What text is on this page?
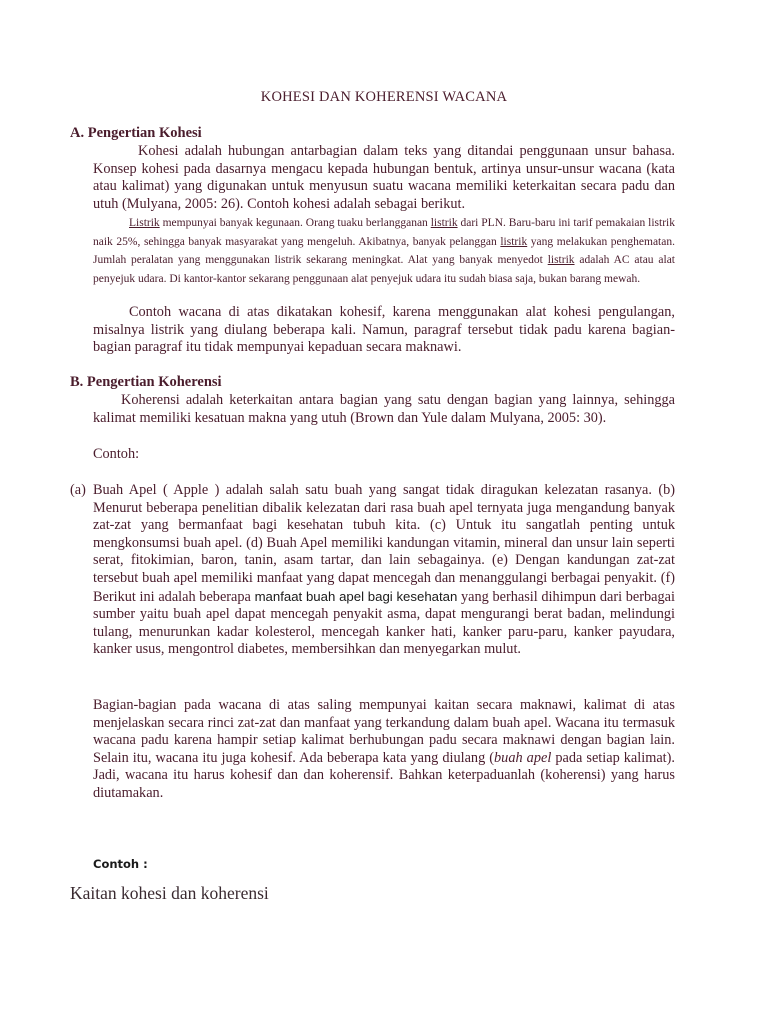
KOHESI DAN KOHERENSI WACANA
A. Pengertian Kohesi
Kohesi adalah hubungan antarbagian dalam teks yang ditandai penggunaan unsur bahasa. Konsep kohesi pada dasarnya mengacu kepada hubungan bentuk, artinya unsur-unsur wacana (kata atau kalimat) yang digunakan untuk menyusun suatu wacana memiliki keterkaitan secara padu dan utuh (Mulyana, 2005: 26). Contoh kohesi adalah sebagai berikut.
Listrik mempunyai banyak kegunaan. Orang tuaku berlangganan listrik dari PLN. Baru-baru ini tarif pemakaian listrik naik 25%, sehingga banyak masyarakat yang mengeluh. Akibatnya, banyak pelanggan listrik yang melakukan penghematan. Jumlah peralatan yang menggunakan listrik sekarang meningkat. Alat yang banyak menyedot listrik adalah AC atau alat penyejuk udara. Di kantor-kantor sekarang penggunaan alat penyejuk udara itu sudah biasa saja, bukan barang mewah.
Contoh wacana di atas dikatakan kohesif, karena menggunakan alat kohesi pengulangan, misalnya listrik yang diulang beberapa kali. Namun, paragraf tersebut tidak padu karena bagian-bagian paragraf itu tidak mempunyai kepaduan secara maknawi.
B. Pengertian Koherensi
Koherensi adalah keterkaitan antara bagian yang satu dengan bagian yang lainnya, sehingga kalimat memiliki kesatuan makna yang utuh (Brown dan Yule dalam Mulyana, 2005: 30).
Contoh:
(a) Buah Apel ( Apple ) adalah salah satu buah yang sangat tidak diragukan kelezatan rasanya. (b) Menurut beberapa penelitian dibalik kelezatan dari rasa buah apel ternyata juga mengandung banyak zat-zat yang bermanfaat bagi kesehatan tubuh kita. (c) Untuk itu sangatlah penting untuk mengkonsumsi buah apel. (d) Buah Apel memiliki kandungan vitamin, mineral dan unsur lain seperti serat, fitokimian, baron, tanin, asam tartar, dan lain sebagainya. (e) Dengan kandungan zat-zat tersebut buah apel memiliki manfaat yang dapat mencegah dan menanggulangi berbagai penyakit. (f) Berikut ini adalah beberapa manfaat buah apel bagi kesehatan yang berhasil dihimpun dari berbagai sumber yaitu buah apel dapat mencegah penyakit asma, dapat mengurangi berat badan, melindungi tulang, menurunkan kadar kolesterol, mencegah kanker hati, kanker paru-paru, kanker payudara, kanker usus, mengontrol diabetes, membersihkan dan menyegarkan mulut.
Bagian-bagian pada wacana di atas saling mempunyai kaitan secara maknawi, kalimat di atas menjelaskan secara rinci zat-zat dan manfaat yang terkandung dalam buah apel. Wacana itu termasuk wacana padu karena hampir setiap kalimat berhubungan padu secara maknawi dengan bagian lain. Selain itu, wacana itu juga kohesif. Ada beberapa kata yang diulang (buah apel pada setiap kalimat). Jadi, wacana itu harus kohesif dan dan koherensif. Bahkan keterpaduanlah (koherensi) yang harus diutamakan.
Contoh :
Kaitan kohesi dan koherensi
